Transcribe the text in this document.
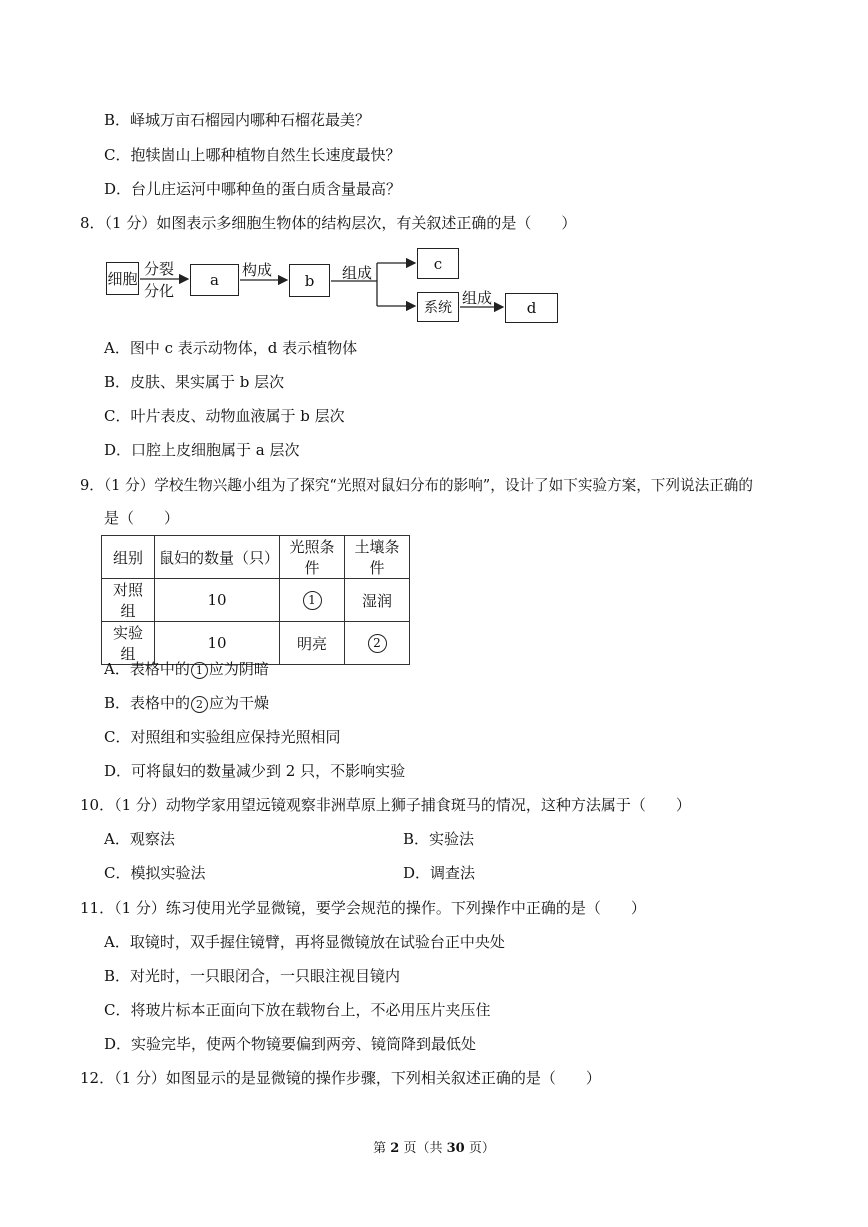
B．峄城万亩石榴园内哪种石榴花最美？
C．抱犊崮山上哪种植物自然生长速度最快？
D．台儿庄运河中哪种鱼的蛋白质含量最高？
8．（1 分）如图表示多细胞生物体的结构层次，有关叙述正确的是（　　）
细胞
分裂
分化
a
构成
b 组成
c
系统
组成
d
A．图中 c 表示动物体，d 表示植物体
B．皮肤、果实属于 b 层次
C．叶片表皮、动物血液属于 b 层次
D．口腔上皮细胞属于 a 层次
9．（1 分）学校生物兴趣小组为了探究“光照对鼠妇分布的影响”，设计了如下实验方案，下列说法正确的
是（　　）
组别	鼠妇的数量（只）	光照条件	土壤条件
对照组	10	1	湿润
实验组	10	明亮	2
A．表格中的 1 应为阴暗
B．表格中的 2 应为干燥
C．对照组和实验组应保持光照相同
D．可将鼠妇的数量减少到 2 只，不影响实验
10．（1 分）动物学家用望远镜观察非洲草原上狮子捕食斑马的情况，这种方法属于（　　）
A．观察法	B．实验法
C．模拟实验法	D．调查法
11．（1 分）练习使用光学显微镜，要学会规范的操作。下列操作中正确的是（　　）
A．取镜时，双手握住镜臂，再将显微镜放在试验台正中央处
B．对光时，一只眼闭合，一只眼注视目镜内
C．将玻片标本正面向下放在载物台上，不必用压片夹压住
D．实验完毕，使两个物镜要偏到两旁、镜筒降到最低处
12．（1 分）如图显示的是显微镜的操作步骤，下列相关叙述正确的是（　　）
第 2 页（共 30 页）
